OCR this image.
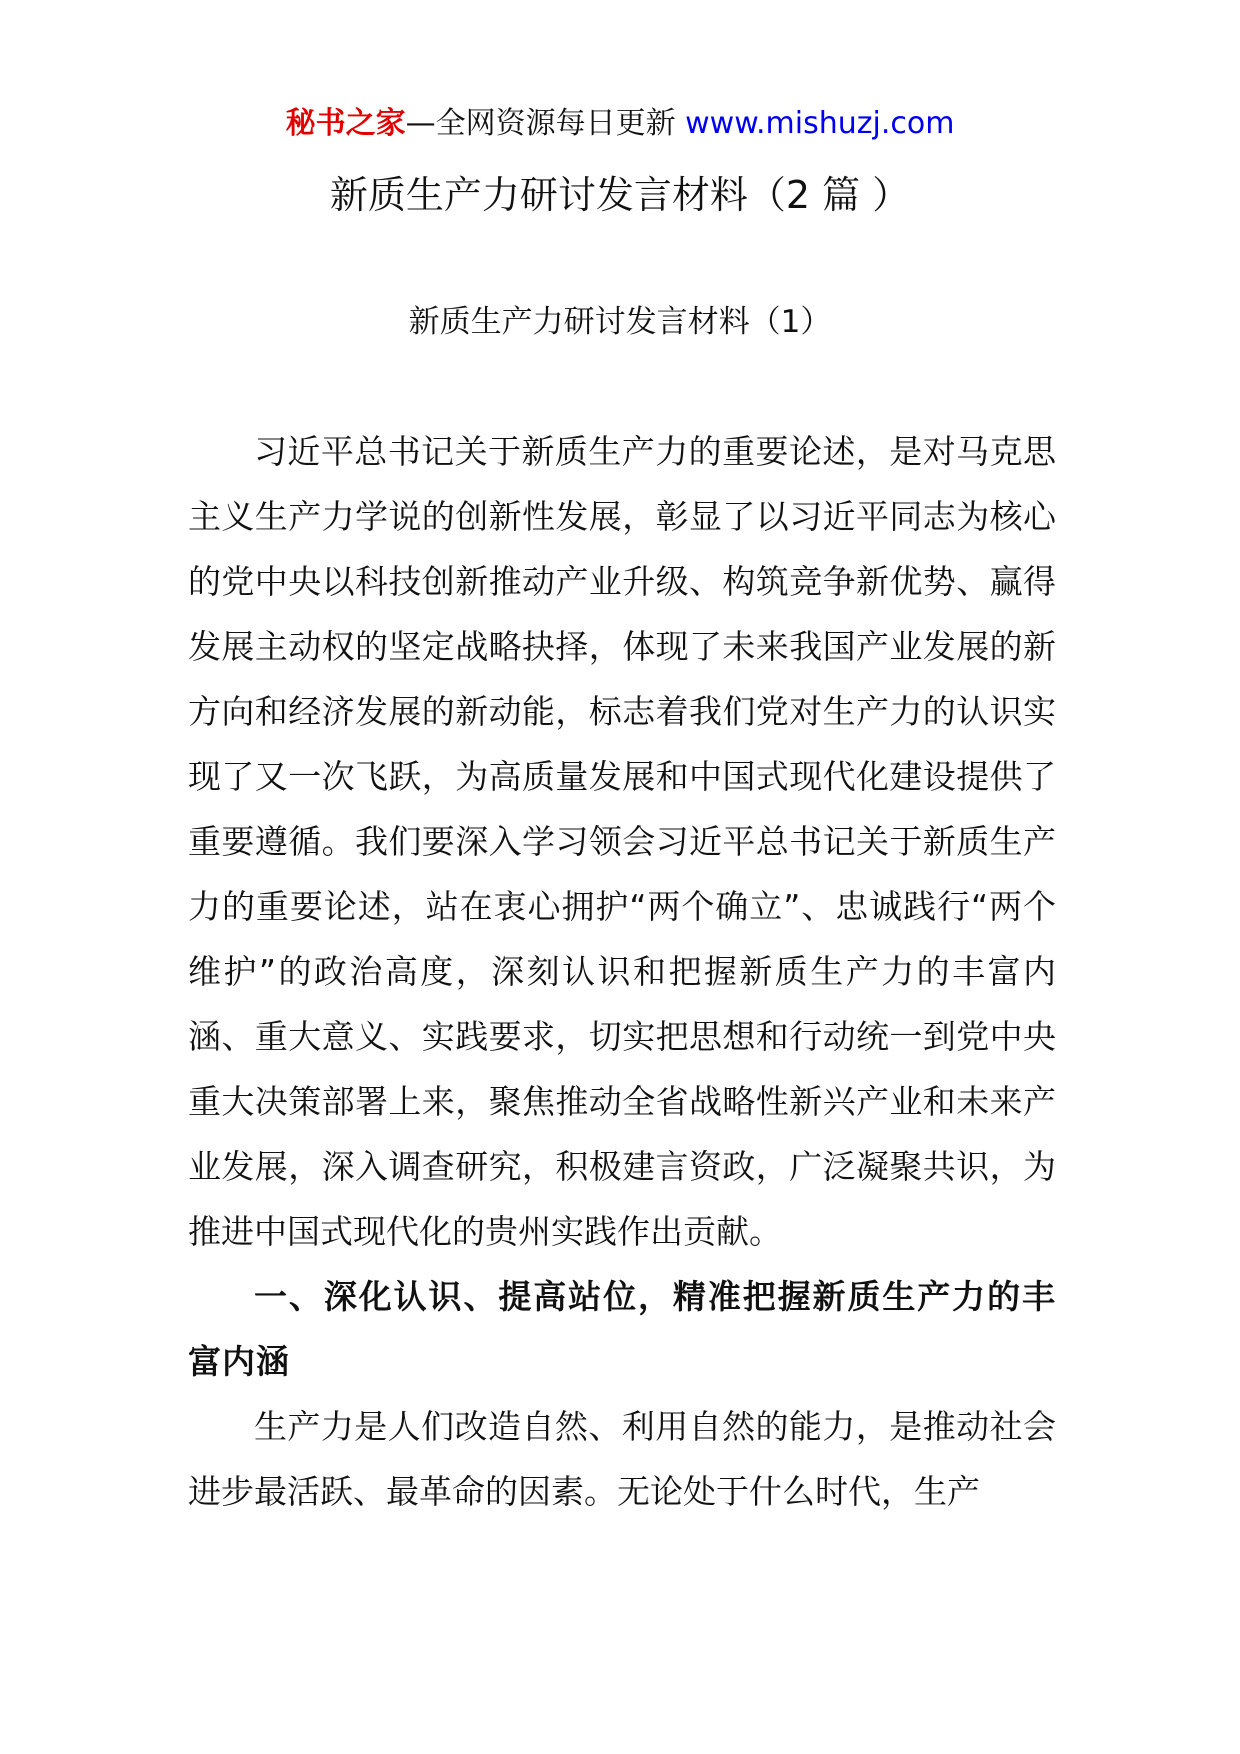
秘书之家—全网资源每日更新 www.mishuzj.com
新质生产力研讨发言材料（2 篇 ）
新质生产力研讨发言材料（1）

习近平总书记关于新质生产力的重要论述，是对马克思主义生产力学说的创新性发展，彰显了以习近平同志为核心的党中央以科技创新推动产业升级、构筑竞争新优势、赢得发展主动权的坚定战略抉择，体现了未来我国产业发展的新方向和经济发展的新动能，标志着我们党对生产力的认识实现了又一次飞跃，为高质量发展和中国式现代化建设提供了重要遵循。我们要深入学习领会习近平总书记关于新质生产力的重要论述，站在衷心拥护“两个确立”、忠诚践行“两个维护”的政治高度，深刻认识和把握新质生产力的丰富内涵、重大意义、实践要求，切实把思想和行动统一到党中央重大决策部署上来，聚焦推动全省战略性新兴产业和未来产业发展，深入调查研究，积极建言资政，广泛凝聚共识，为推进中国式现代化的贵州实践作出贡献。

一、深化认识、提高站位，精准把握新质生产力的丰富内涵

生产力是人们改造自然、利用自然的能力，是推动社会进步最活跃、最革命的因素。无论处于什么时代，生产
